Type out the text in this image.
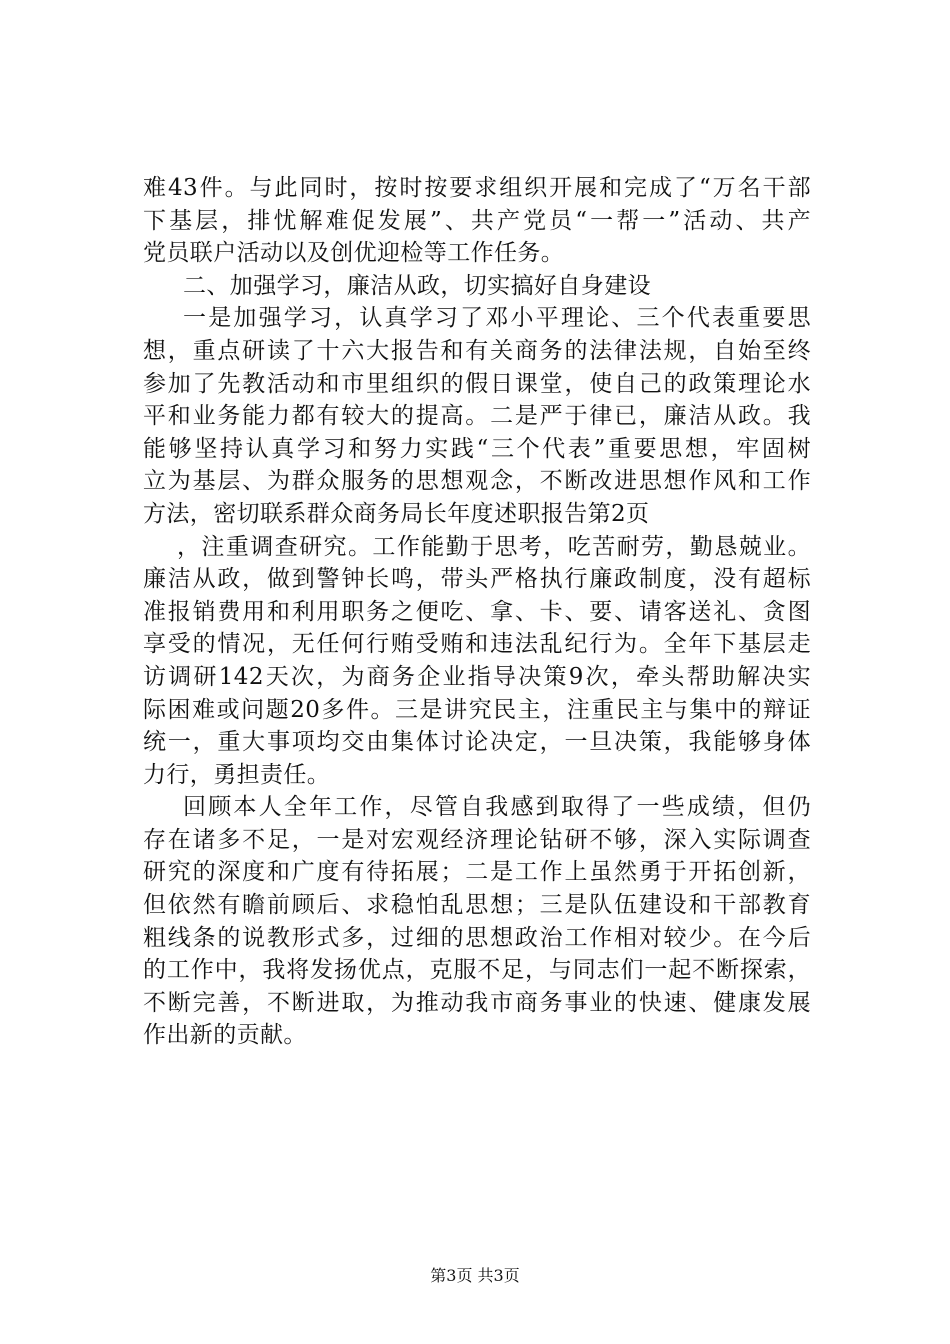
难43件。与此同时，按时按要求组织开展和完成了“万名干部
下基层，排忧解难促发展”、共产党员“一帮一”活动、共产
党员联户活动以及创优迎检等工作任务。
二、加强学习，廉洁从政，切实搞好自身建设
一是加强学习，认真学习了邓小平理论、三个代表重要思
想，重点研读了十六大报告和有关商务的法律法规，自始至终
参加了先教活动和市里组织的假日课堂，使自己的政策理论水
平和业务能力都有较大的提高。二是严于律已，廉洁从政。我
能够坚持认真学习和努力实践“三个代表”重要思想，牢固树
立为基层、为群众服务的思想观念，不断改进思想作风和工作
方法，密切联系群众商务局长年度述职报告第2页
，注重调查研究。工作能勤于思考，吃苦耐劳，勤恳兢业。
廉洁从政，做到警钟长鸣，带头严格执行廉政制度，没有超标
准报销费用和利用职务之便吃、拿、卡、要、请客送礼、贪图
享受的情况，无任何行贿受贿和违法乱纪行为。全年下基层走
访调研142天次，为商务企业指导决策9次，牵头帮助解决实
际困难或问题20多件。三是讲究民主，注重民主与集中的辩证
统一，重大事项均交由集体讨论决定，一旦决策，我能够身体
力行，勇担责任。
回顾本人全年工作，尽管自我感到取得了一些成绩，但仍
存在诸多不足，一是对宏观经济理论钻研不够，深入实际调查
研究的深度和广度有待拓展；二是工作上虽然勇于开拓创新，
但依然有瞻前顾后、求稳怕乱思想；三是队伍建设和干部教育
粗线条的说教形式多，过细的思想政治工作相对较少。在今后
的工作中，我将发扬优点，克服不足，与同志们一起不断探索，
不断完善，不断进取，为推动我市商务事业的快速、健康发展
作出新的贡献。
第3页 共3页
